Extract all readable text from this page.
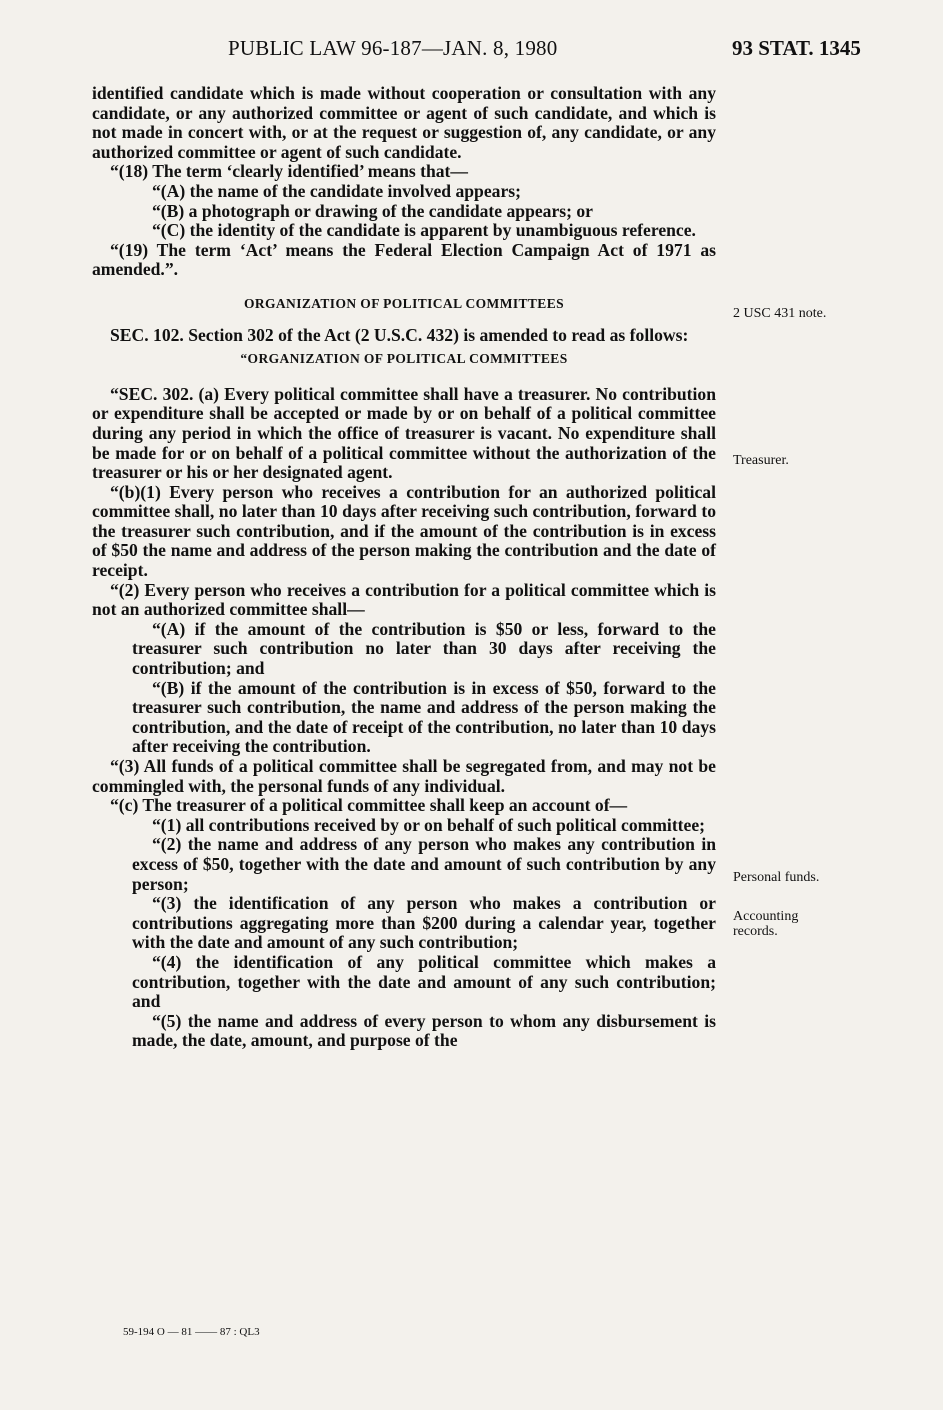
PUBLIC LAW 96-187—JAN. 8, 1980	93 STAT. 1345

identified candidate which is made without cooperation or consultation with any candidate, or any authorized committee or agent of such candidate, and which is not made in concert with, or at the request or suggestion of, any candidate, or any authorized committee or agent of such candidate.

“(18) The term ‘clearly identified’ means that—

“(A) the name of the candidate involved appears;

“(B) a photograph or drawing of the candidate appears; or

“(C) the identity of the candidate is apparent by unambiguous reference.

“(19) The term ‘Act’ means the Federal Election Campaign Act of 1971 as amended.”.

ORGANIZATION OF POLITICAL COMMITTEES

SEC. 102. Section 302 of the Act (2 U.S.C. 432) is amended to read as follows:

“ORGANIZATION OF POLITICAL COMMITTEES

“SEC. 302. (a) Every political committee shall have a treasurer. No contribution or expenditure shall be accepted or made by or on behalf of a political committee during any period in which the office of treasurer is vacant. No expenditure shall be made for or on behalf of a political committee without the authorization of the treasurer or his or her designated agent.

“(b)(1) Every person who receives a contribution for an authorized political committee shall, no later than 10 days after receiving such contribution, forward to the treasurer such contribution, and if the amount of the contribution is in excess of $50 the name and address of the person making the contribution and the date of receipt.

“(2) Every person who receives a contribution for a political committee which is not an authorized committee shall—

“(A) if the amount of the contribution is $50 or less, forward to the treasurer such contribution no later than 30 days after receiving the contribution; and

“(B) if the amount of the contribution is in excess of $50, forward to the treasurer such contribution, the name and address of the person making the contribution, and the date of receipt of the contribution, no later than 10 days after receiving the contribution.

“(3) All funds of a political committee shall be segregated from, and may not be commingled with, the personal funds of any individual.

“(c) The treasurer of a political committee shall keep an account of—

“(1) all contributions received by or on behalf of such political committee;

“(2) the name and address of any person who makes any contribution in excess of $50, together with the date and amount of such contribution by any person;

“(3) the identification of any person who makes a contribution or contributions aggregating more than $200 during a calendar year, together with the date and amount of any such contribution;

“(4) the identification of any political committee which makes a contribution, together with the date and amount of any such contribution; and

“(5) the name and address of every person to whom any disbursement is made, the date, amount, and purpose of the

2 USC 431 note.
Treasurer.
Personal funds.
Accounting records.
59-194 O — 81 —— 87 : QL3
